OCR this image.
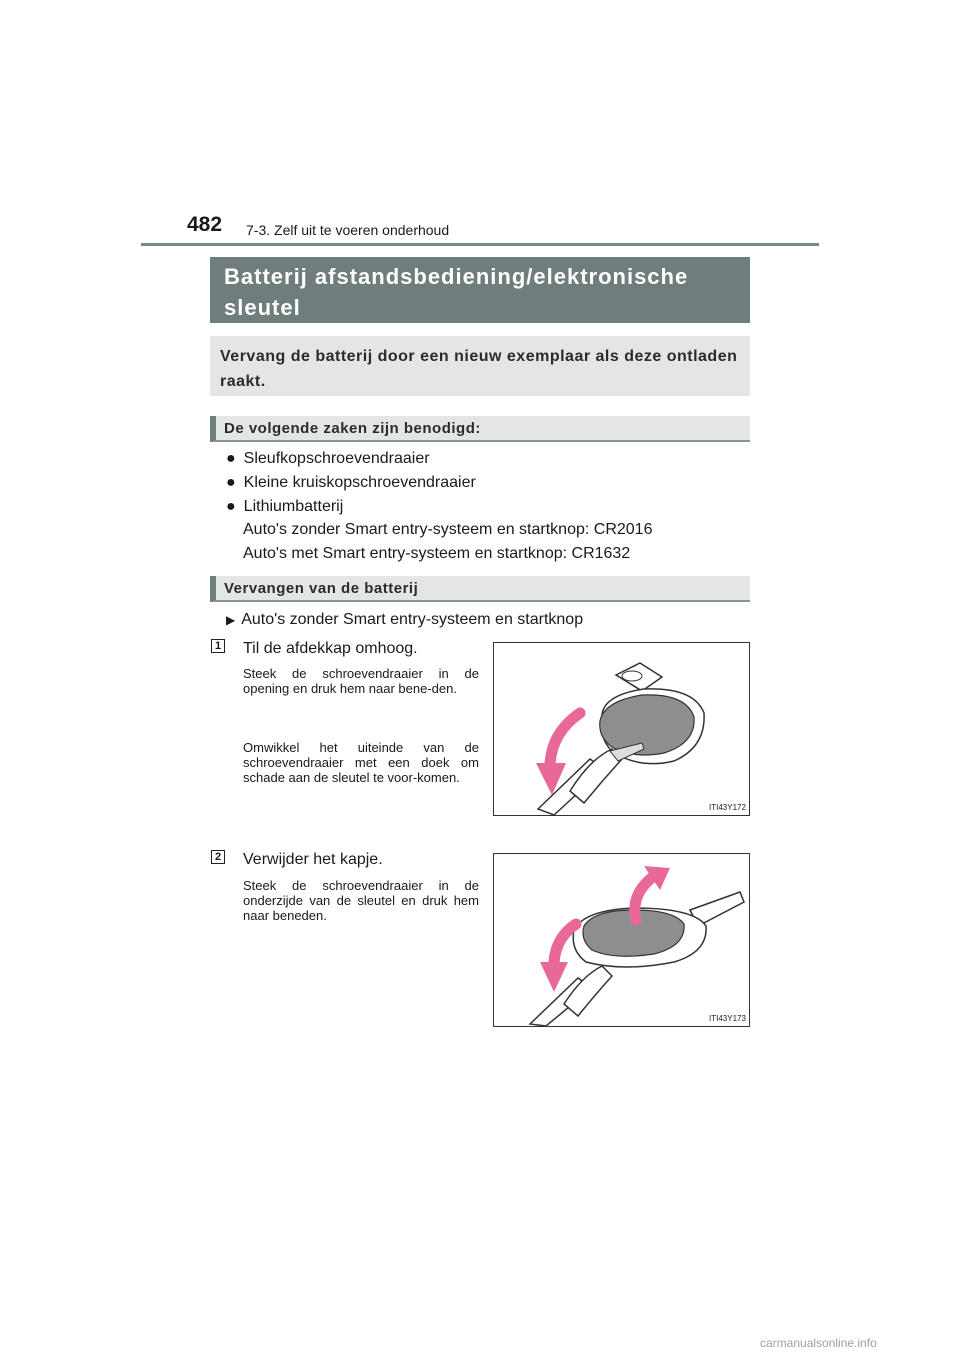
482 7-3. Zelf uit te voeren onderhoud
Batterij afstandsbediening/elektronische sleutel
Vervang de batterij door een nieuw exemplaar als deze ontladen raakt.
De volgende zaken zijn benodigd:
● Sleufkopschroevendraaier
● Kleine kruiskopschroevendraaier
● Lithiumbatterij
Auto's zonder Smart entry-systeem en startknop: CR2016
Auto's met Smart entry-systeem en startknop: CR1632
Vervangen van de batterij
▶ Auto's zonder Smart entry-systeem en startknop
1 Til de afdekkap omhoog.
Steek de schroevendraaier in de opening en druk hem naar bene-den.
Omwikkel het uiteinde van de schroevendraaier met een doek om schade aan de sleutel te voor-komen.
ITI43Y172
2 Verwijder het kapje.
Steek de schroevendraaier in de onderzijde van de sleutel en druk hem naar beneden.
ITI43Y173
carmanualsonline.info
